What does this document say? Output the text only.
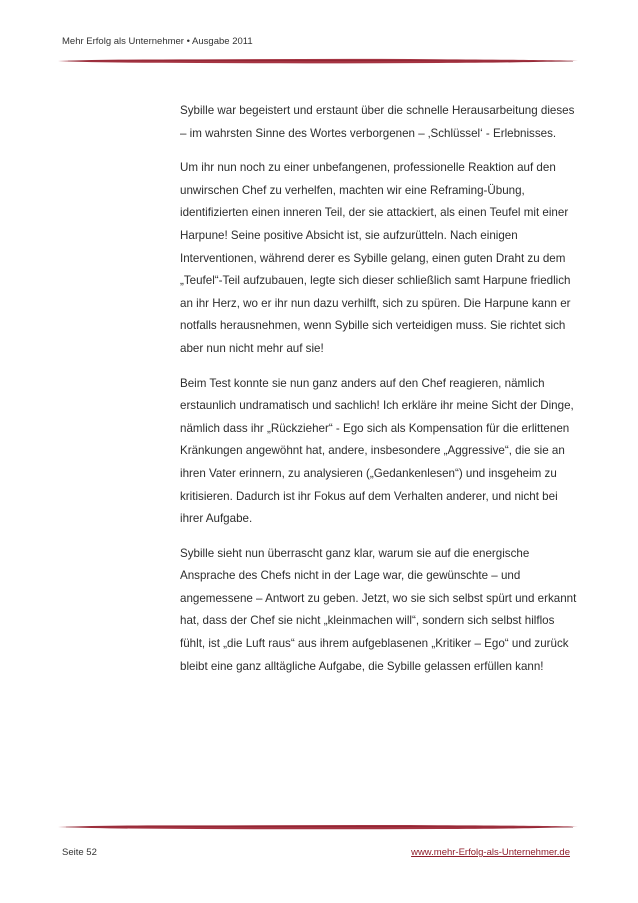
Mehr Erfolg als Unternehmer • Ausgabe 2011

Sybille war begeistert und erstaunt über die schnelle Herausarbeitung dieses – im wahrsten Sinne des Wortes verborgenen – ‚Schlüssel‘ - Erlebnisses.

Um ihr nun noch zu einer unbefangenen, professionelle Reaktion auf den unwirschen Chef zu verhelfen, machten wir eine Reframing-Übung, identifizierten einen inneren Teil, der sie attackiert, als einen Teufel mit einer Harpune! Seine positive Absicht ist, sie aufzurütteln. Nach einigen Interventionen, während derer es Sybille gelang, einen guten Draht zu dem „Teufel“-Teil aufzubauen, legte sich dieser schließlich samt Harpune friedlich an ihr Herz, wo er ihr nun dazu verhilft, sich zu spüren. Die Harpune kann er notfalls herausnehmen, wenn Sybille sich verteidigen muss. Sie richtet sich aber nun nicht mehr auf sie!

Beim Test konnte sie nun ganz anders auf den Chef reagieren, nämlich erstaunlich undramatisch und sachlich! Ich erkläre ihr meine Sicht der Dinge, nämlich dass ihr „Rückzieher“ - Ego sich als Kompensation für die erlittenen Kränkungen angewöhnt hat, andere, insbesondere „Aggressive“, die sie an ihren Vater erinnern, zu analysieren („Gedankenlesen“) und insgeheim zu kritisieren. Dadurch ist ihr Fokus auf dem Verhalten anderer, und nicht bei ihrer Aufgabe.

Sybille sieht nun überrascht ganz klar, warum sie auf die energische Ansprache des Chefs nicht in der Lage war, die gewünschte – und angemessene – Antwort zu geben. Jetzt, wo sie sich selbst spürt und erkannt hat, dass der Chef sie nicht „kleinmachen will“, sondern sich selbst hilflos fühlt, ist „die Luft raus“ aus ihrem aufgeblasenen „Kritiker – Ego“ und zurück bleibt eine ganz alltägliche Aufgabe, die Sybille gelassen erfüllen kann!

Seite 52	www.mehr-Erfolg-als-Unternehmer.de
